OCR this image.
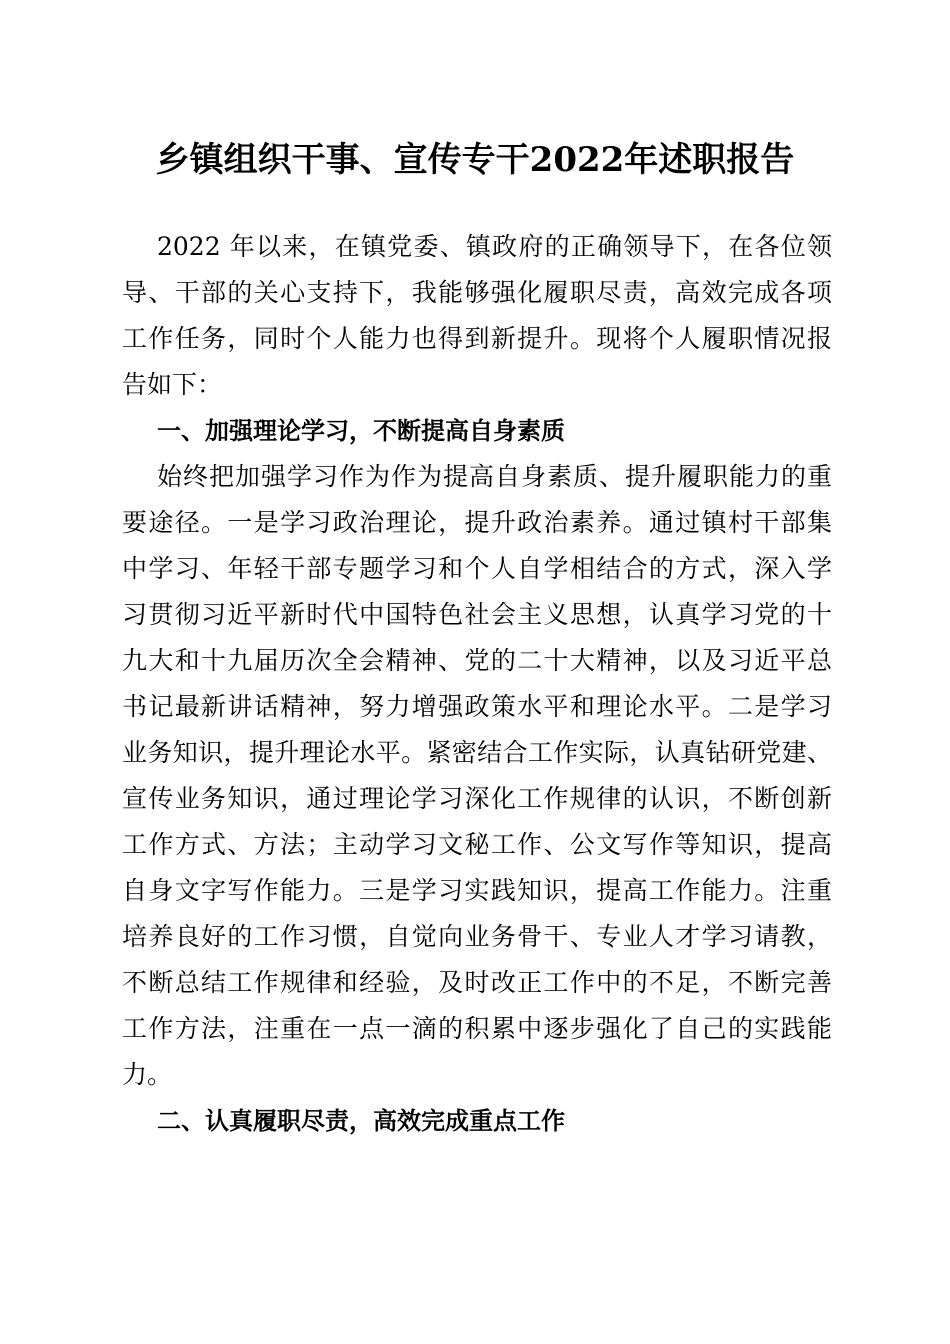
乡镇组织干事、宣传专干2022年述职报告

2022 年以来，在镇党委、镇政府的正确领导下，在各位领

导、干部的关心支持下，我能够强化履职尽责，高效完成各项

工作任务，同时个人能力也得到新提升。现将个人履职情况报

告如下：

一、加强理论学习，不断提高自身素质

始终把加强学习作为作为提高自身素质、提升履职能力的重

要途径。一是学习政治理论，提升政治素养。通过镇村干部集

中学习、年轻干部专题学习和个人自学相结合的方式，深入学

习贯彻习近平新时代中国特色社会主义思想，认真学习党的十

九大和十九届历次全会精神、党的二十大精神，以及习近平总

书记最新讲话精神，努力增强政策水平和理论水平。二是学习

业务知识，提升理论水平。紧密结合工作实际，认真钻研党建、

宣传业务知识，通过理论学习深化工作规律的认识，不断创新

工作方式、方法；主动学习文秘工作、公文写作等知识，提高

自身文字写作能力。三是学习实践知识，提高工作能力。注重

培养良好的工作习惯，自觉向业务骨干、专业人才学习请教，

不断总结工作规律和经验，及时改正工作中的不足，不断完善

工作方法，注重在一点一滴的积累中逐步强化了自己的实践能

力。

二、认真履职尽责，高效完成重点工作
